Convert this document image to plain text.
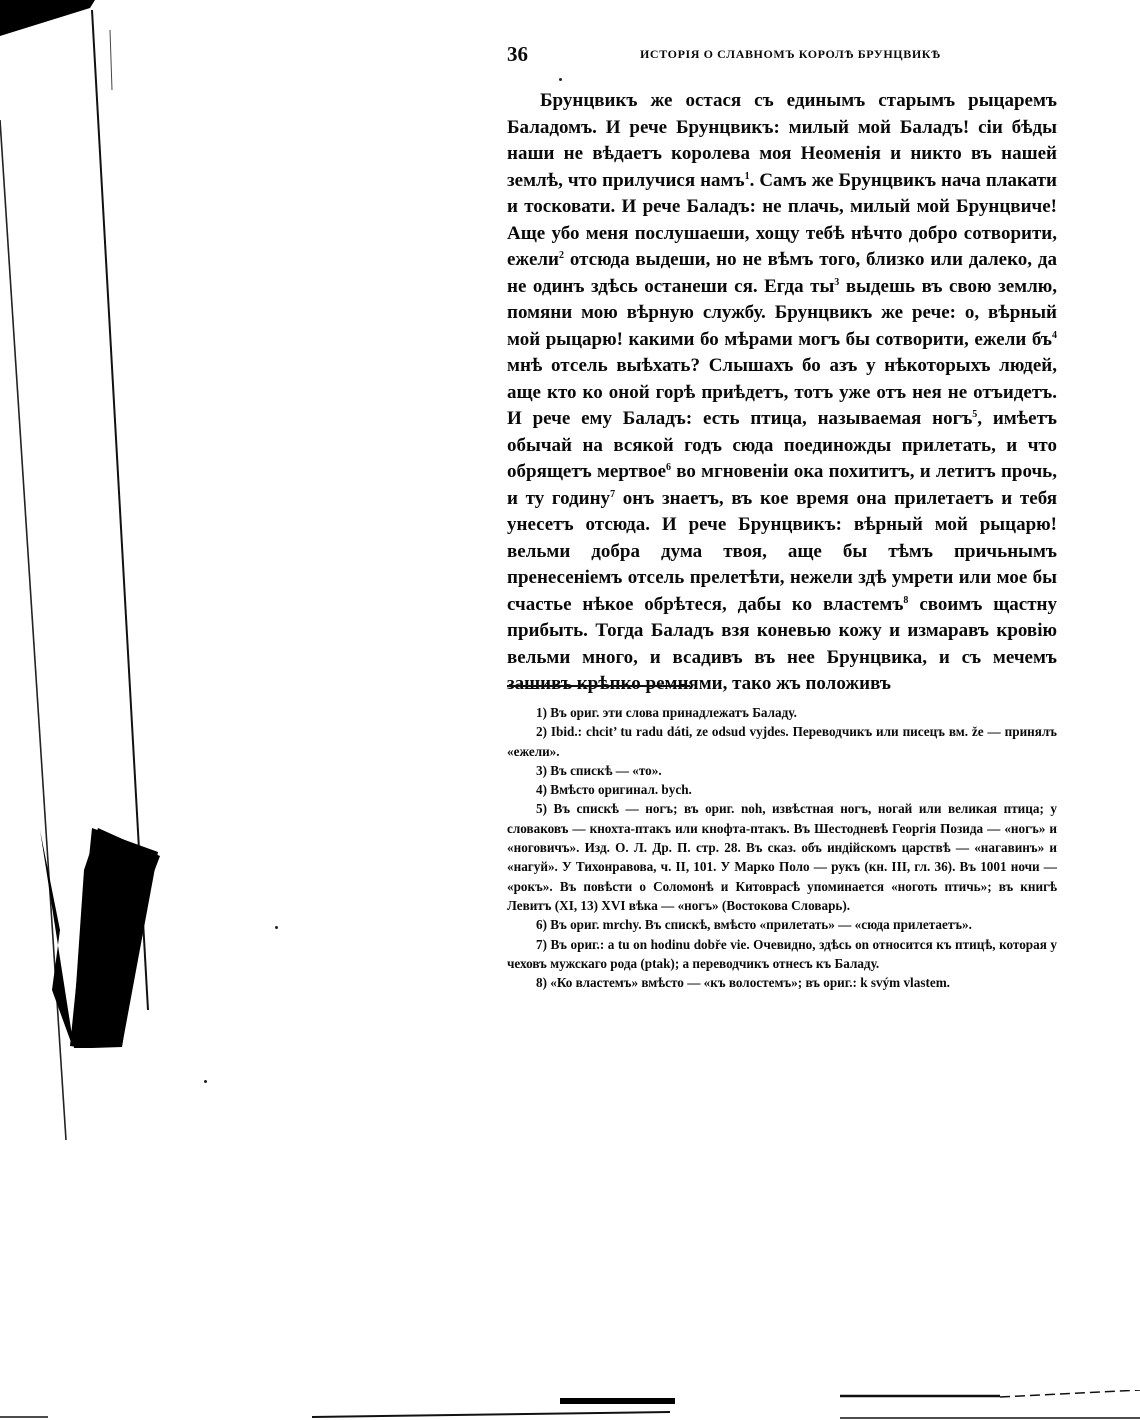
36	ИСТОРІЯ О СЛАВНОМЪ КОРОЛѢ БРУНЦВИКѢ

Брунцвикъ же остася съ единымъ старымъ рыцаремъ Баладомъ. И рече Брунцвикъ: милый мой Баладъ! сіи бѣды наши не вѣдаетъ королева моя Неоменія и никто въ нашей землѣ, что прилучися намъ$^1$. Самъ же Брунцвикъ нача плакати и тосковати. И рече Баладъ: не плачь, милый мой Брунцвиче! Аще убо меня послушаеши, хощу тебѣ нѣчто добро сотворити, ежели$^2$ отсюда выдеши, но не вѣмъ того, близко или далеко, да не одинъ здѣсь останеши ся. Егда $ты^3$ выдешь въ свою землю, помяни мою вѣрную службу. Брунцвикъ же рече: о, вѣрный мой рыцарю! какими бо мѣрами могъ бы сотворити, ежели $бъ^4$ мнѣ отсель выѣхать? Слышахъ бо азъ у нѣкоторыхъ людей, аще кто ко оной горѣ приѣдетъ, тотъ уже отъ нея не отъидетъ. И рече ему Баладъ: есть птица, называемая ногъ$^5$, имѣетъ обычай на всякой годъ сюда поединожды прилетать, и что обрящетъ мертвое$^6$ во мгновеніи ока похититъ, и летитъ прочь, и ту годину$^7$ онъ знаетъ, въ кое время она прилетаетъ и тебя унесетъ отсюда. И рече Брунцвикъ: вѣрный мой рыцарю! вельми добра дума твоя, аще бы тѣмъ причьнымъ пренесеніемъ отсель прелетѣти, нежели здѣ умрети или мое бы счастье нѣкое обрѣтеся, дабы ко властемъ$^8$ своимъ щастну прибыть. Тогда Баладъ взя коневью кожу и измаравъ кровію вельми много, и всадивъ въ нее Брунцвика, и съ мечемъ зашивъ крѣпко ремнями, тако жъ положивъ

1) Въ ориг. эти слова принадлежатъ Баладу.

2) Ibid.: chcit’ tu radu dáti, ze odsud vyjdes. Переводчикъ или писецъ вм. že — принялъ «ежели».

3) Въ спискѣ — «то».

4) Вмѣсто оригинал. bych.

5) Въ спискѣ — ногъ; въ ориг. noh, извѣстная ногъ, ногай или великая птица; у словаковъ — кнохта-птакъ или кнофта-птакъ. Въ Шестодневѣ Георгія Позида — «ногъ» и «ноговичъ». Изд. О. Л. Др. П. стр. 28. Въ сказ. объ индійскомъ царствѣ — «нагавинъ» и «нагуй». У Тихонравова, ч. II, 101. У Марко Поло — рукъ (кн. III, гл. 36). Въ 1001 ночи — «рокъ». Въ повѣсти о Соломонѣ и Китоврасѣ упоминается «ноготь птичь»; въ книгѣ Левитъ (XI, 13) XVI вѣка — «ногъ» (Востокова Словарь).

6) Въ ориг. mrchy. Въ спискѣ, вмѣсто «прилетать» — «сюда прилетаетъ».

7) Въ ориг.: a tu on hodinu dobře vie. Очевидно, здѣсь on относится къ птицѣ, которая у чеховъ мужскаго рода (ptak); а переводчикъ отнесъ къ Баладу.

8) «Ко властемъ» вмѣсто — «къ волостемъ»; въ ориг.: k svým vlastem.
